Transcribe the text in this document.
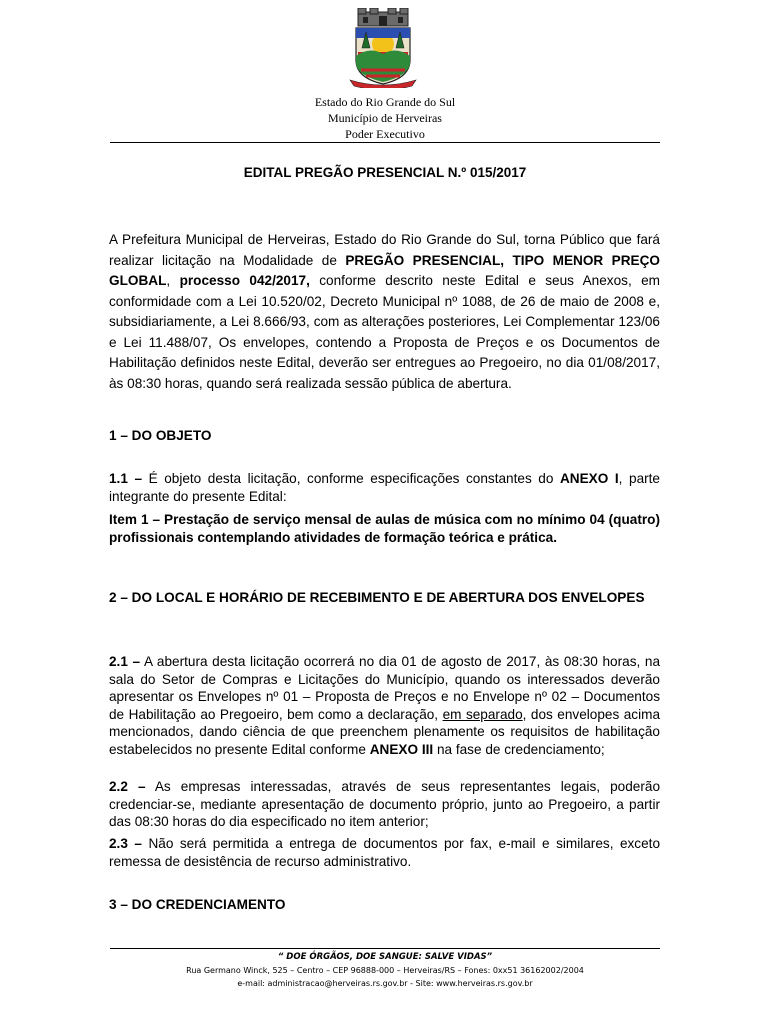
Estado do Rio Grande do Sul
Município de Herveiras
Poder Executivo
EDITAL PREGÃO PRESENCIAL N.º 015/2017
A Prefeitura Municipal de Herveiras, Estado do Rio Grande do Sul, torna Público que fará realizar licitação na Modalidade de PREGÃO PRESENCIAL, TIPO MENOR PREÇO GLOBAL, processo 042/2017, conforme descrito neste Edital e seus Anexos, em conformidade com a Lei 10.520/02, Decreto Municipal nº 1088, de 26 de maio de 2008 e, subsidiariamente, a Lei 8.666/93, com as alterações posteriores, Lei Complementar 123/06 e Lei 11.488/07, Os envelopes, contendo a Proposta de Preços e os Documentos de Habilitação definidos neste Edital, deverão ser entregues ao Pregoeiro, no dia 01/08/2017, às 08:30 horas, quando será realizada sessão pública de abertura.
1 – DO OBJETO
1.1 – É objeto desta licitação, conforme especificações constantes do ANEXO I, parte integrante do presente Edital:
Item 1 – Prestação de serviço mensal de aulas de música com no mínimo 04 (quatro) profissionais contemplando atividades de formação teórica e prática.
2 – DO LOCAL E HORÁRIO DE RECEBIMENTO E DE ABERTURA DOS ENVELOPES
2.1 – A abertura desta licitação ocorrerá no dia 01 de agosto de 2017, às 08:30 horas, na sala do Setor de Compras e Licitações do Município, quando os interessados deverão apresentar os Envelopes nº 01 – Proposta de Preços e no Envelope nº 02 – Documentos de Habilitação ao Pregoeiro, bem como a declaração, em separado, dos envelopes acima mencionados, dando ciência de que preenchem plenamente os requisitos de habilitação estabelecidos no presente Edital conforme ANEXO III na fase de credenciamento;
2.2 – As empresas interessadas, através de seus representantes legais, poderão credenciar-se, mediante apresentação de documento próprio, junto ao Pregoeiro, a partir das 08:30 horas do dia especificado no item anterior;
2.3 – Não será permitida a entrega de documentos por fax, e-mail e similares, exceto remessa de desistência de recurso administrativo.
3 – DO CREDENCIAMENTO
“ DOE ÓRGÃOS, DOE SANGUE: SALVE VIDAS”
Rua Germano Winck, 525 – Centro – CEP 96888-000 – Herveiras/RS – Fones: 0xx51 36162002/2004
e-mail: administracao@herveiras.rs.gov.br - Site: www.herveiras.rs.gov.br
